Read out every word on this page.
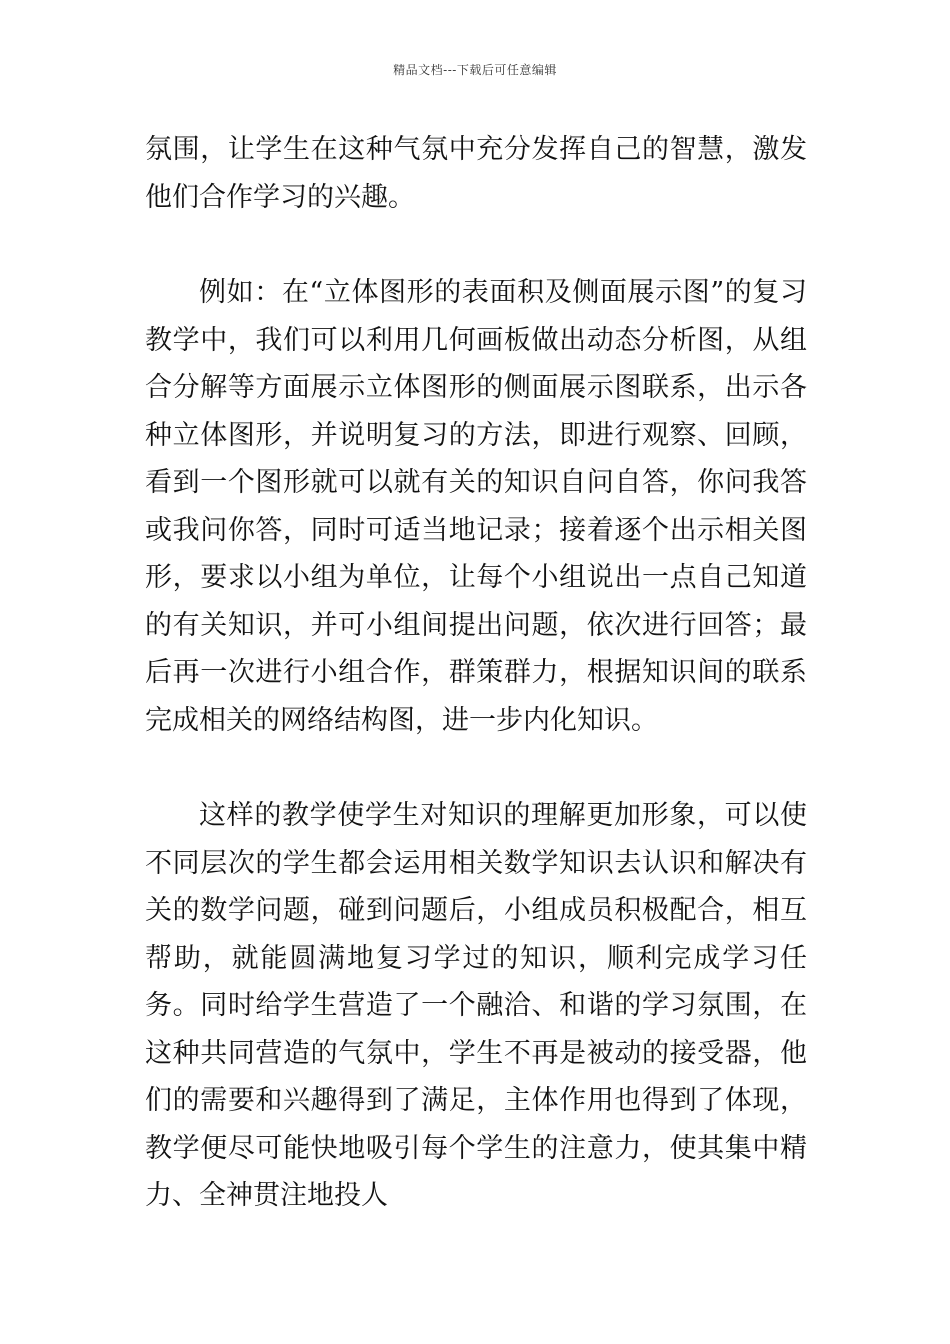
精品文档---下载后可任意编辑

氛围，让学生在这种气氛中充分发挥自己的智慧，激发他们合作学习的兴趣。

例如：在“立体图形的表面积及侧面展示图”的复习教学中，我们可以利用几何画板做出动态分析图，从组合分解等方面展示立体图形的侧面展示图联系，出示各种立体图形，并说明复习的方法，即进行观察、回顾，看到一个图形就可以就有关的知识自问自答，你问我答或我问你答，同时可适当地记录；接着逐个出示相关图形，要求以小组为单位，让每个小组说出一点自己知道的有关知识，并可小组间提出问题，依次进行回答；最后再一次进行小组合作，群策群力，根据知识间的联系完成相关的网络结构图，进一步内化知识。

这样的教学使学生对知识的理解更加形象，可以使不同层次的学生都会运用相关数学知识去认识和解决有关的数学问题，碰到问题后，小组成员积极配合，相互帮助，就能圆满地复习学过的知识，顺利完成学习任务。同时给学生营造了一个融洽、和谐的学习氛围，在这种共同营造的气氛中，学生不再是被动的接受器，他们的需要和兴趣得到了满足，主体作用也得到了体现，教学便尽可能快地吸引每个学生的注意力，使其集中精力、全神贯注地投人
